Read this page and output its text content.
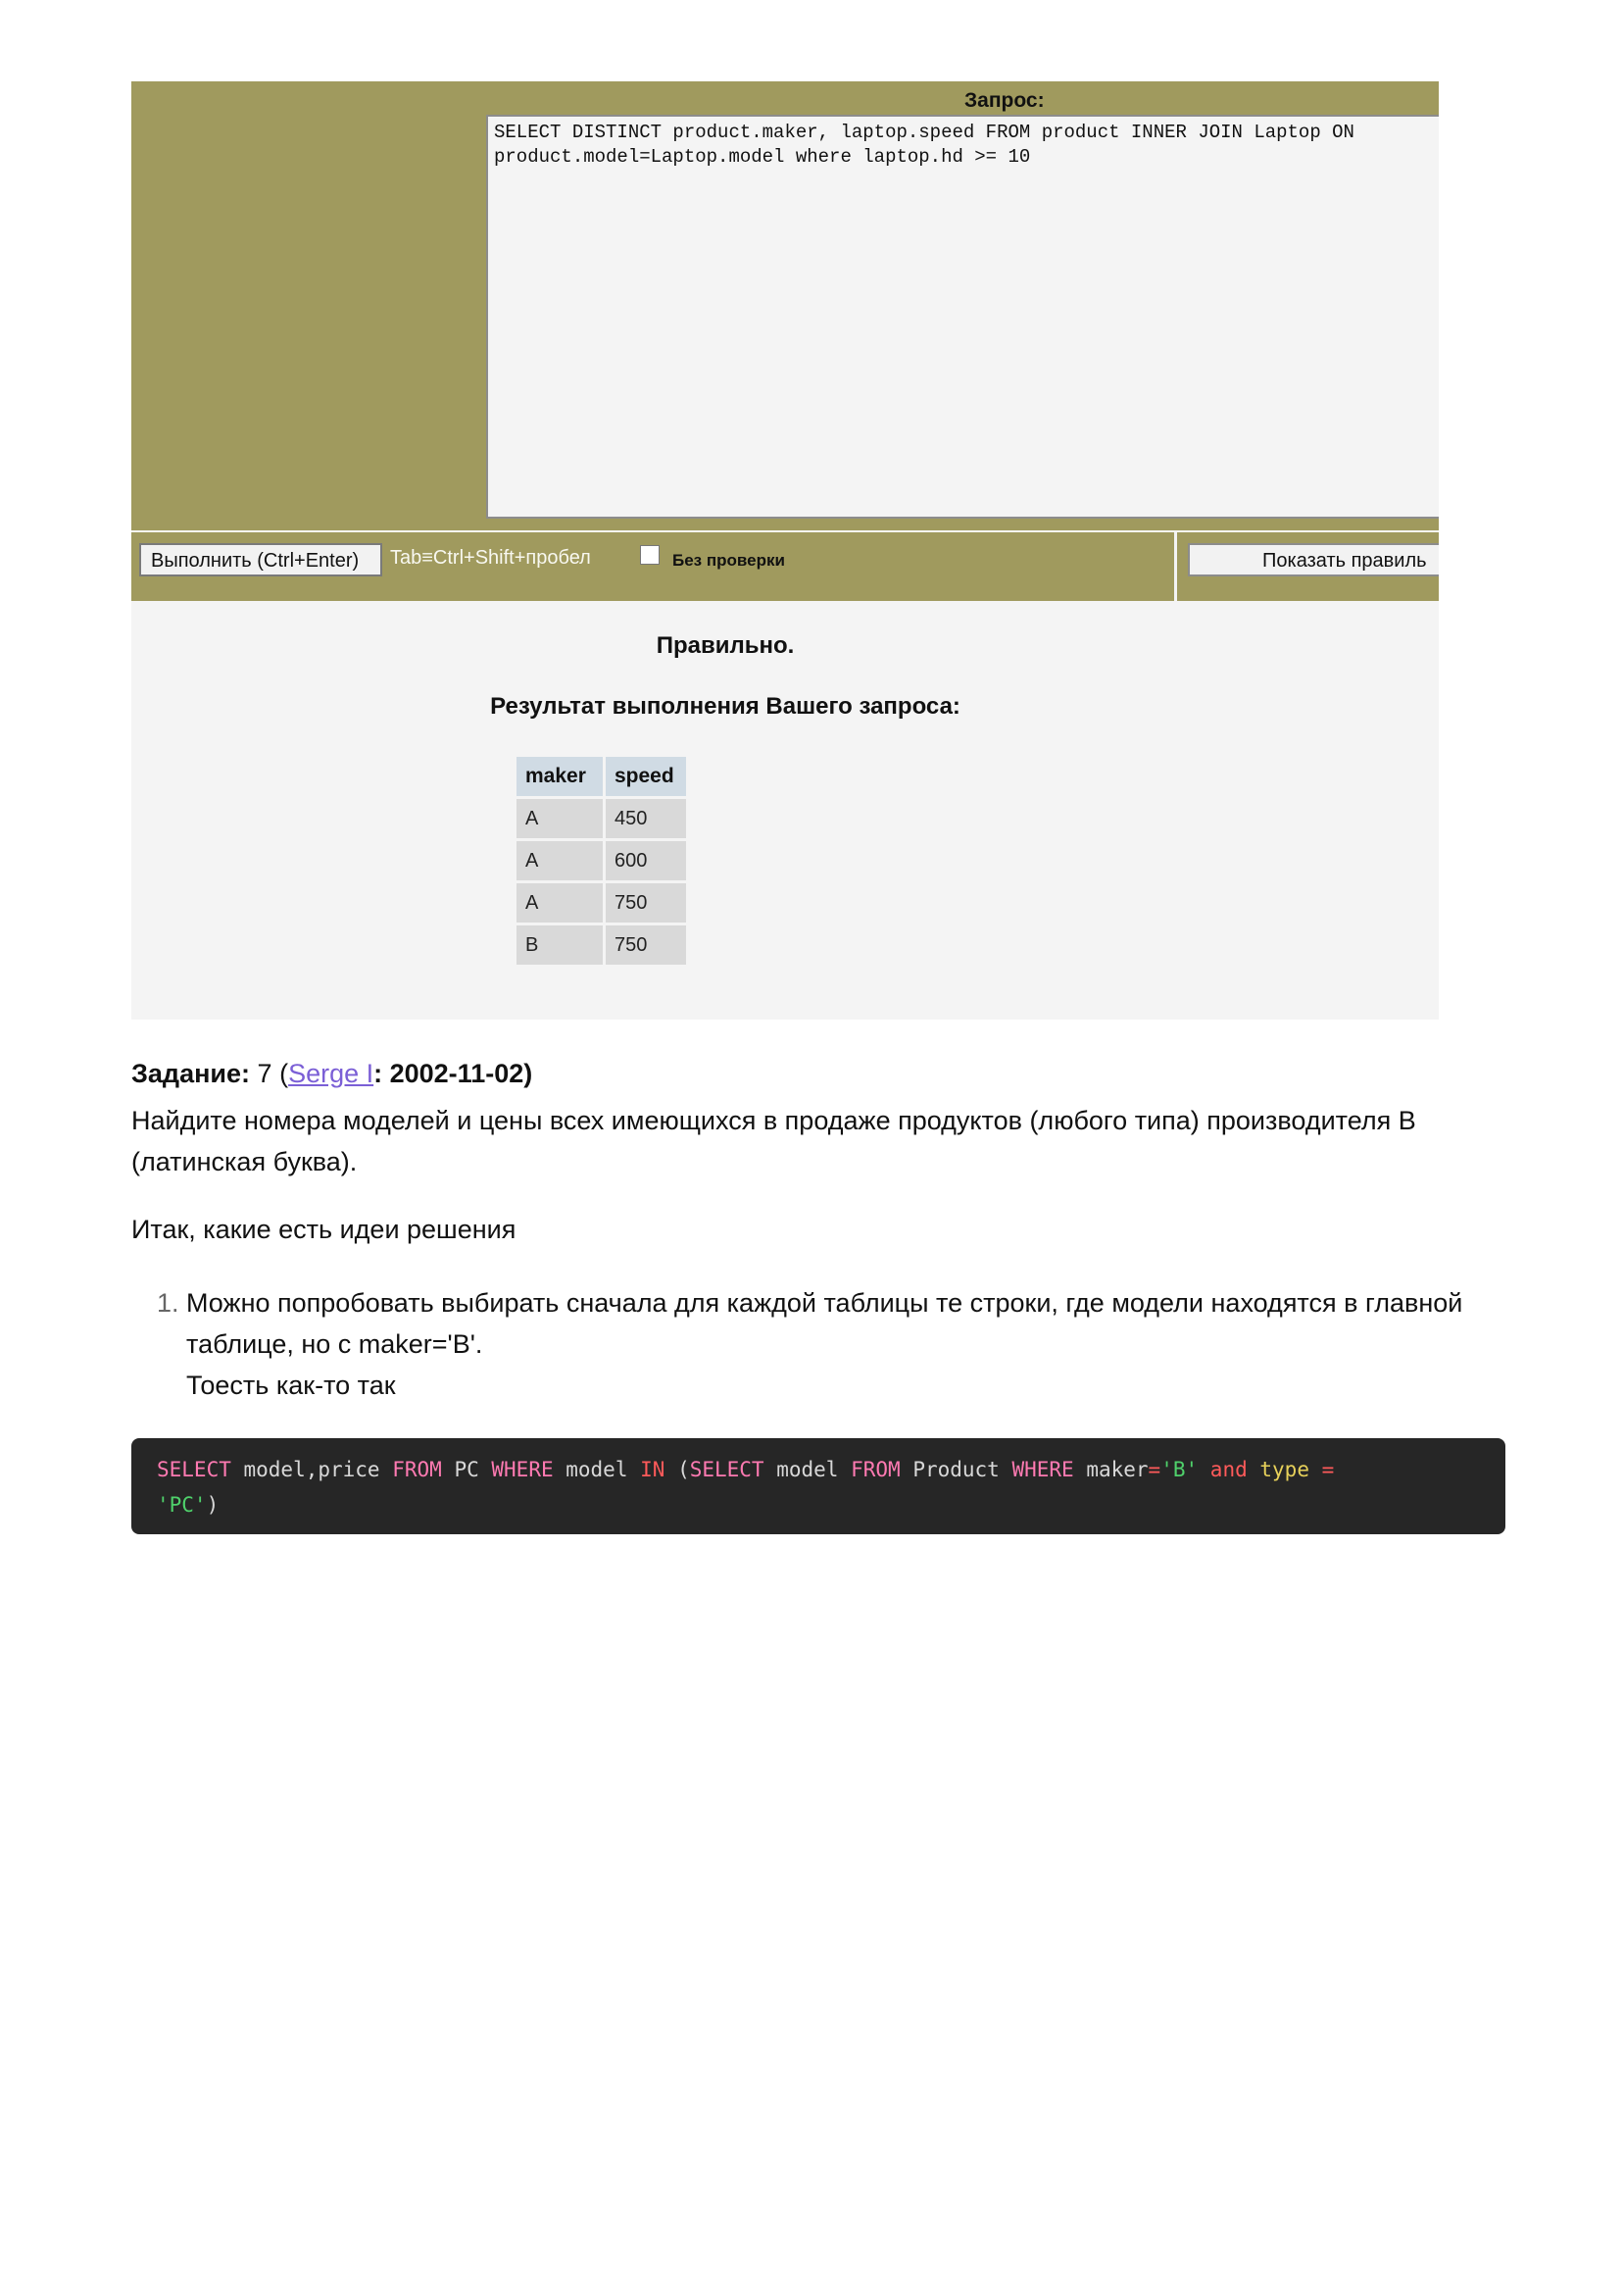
Запрос:
SELECT DISTINCT product.maker, laptop.speed FROM product INNER JOIN Laptop ON
product.model=Laptop.model where laptop.hd >= 10
Выполнить (Ctrl+Enter)	Tab≡Ctrl+Shift+пробел	Без проверки	Показать правиль
Правильно.
Результат выполнения Вашего запроса:
maker	speed
A	450
A	600
A	750
B	750
Задание: 7 (Serge I: 2002-11-02)
Найдите номера моделей и цены всех имеющихся в продаже продуктов (любого типа) производителя B (латинская буква).
Итак, какие есть идеи решения
1. Можно попробовать выбирать сначала для каждой таблицы те строки, где модели находятся в главной таблице, но с maker='B'.
Тоесть как-то так
SELECT model,price FROM PC WHERE model IN (SELECT model FROM Product WHERE maker='B' and type =
'PC')
